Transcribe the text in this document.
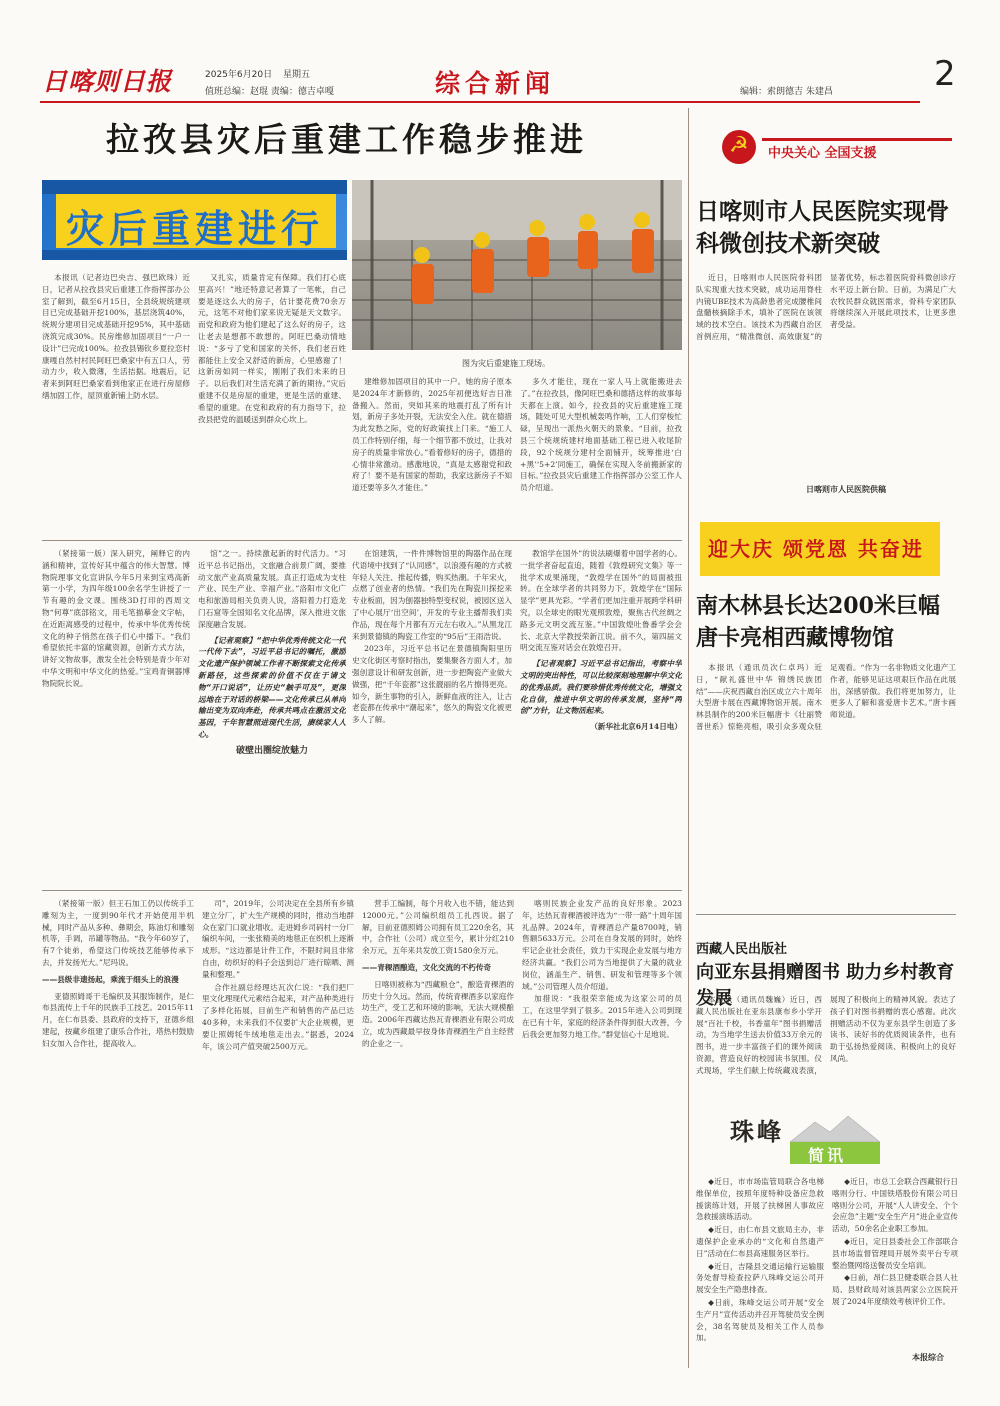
日喀则日报	2025年6月20日 星期五
值班总编：赵琨 责编：德吉卓嘎	综合新闻	2
编辑：索朗德吉 朱建昌
拉孜县灾后重建工作稳步推进
灾后重建进行
图为灾后重建施工现场。

本报讯（记者边巴央吉、强巴欧珠）近日，记者从拉孜县灾后重建工作指挥部办公室了解到，截至6月15日，全县统规统建项目已完成基础开挖100%，基层浇筑40%，统规分建项目完成基础开挖95%，其中基础浇筑完成30%。民房维修加固项目“一户一设计”已完成100%。拉孜县锡钦乡夏拉恋村康嘎自然村村民阿旺巴桑家中有五口人，劳动力少，收入微薄，生活拮据。地震后，记者来到阿旺巴桑家看到他家正在进行房屋修缮加固工作，屋顶重新铺上防水层。

又扎实，质量肯定有保障。我们打心底里高兴！”地还特意记者算了一笔帐，自己要是逐这么大的房子，估计要花费70余万元，这笔不对他们家来说无疑是天文数字。而党和政府为他们建起了这么好的房子，这让老去是想都不敢想的。阿旺巴桑动情地说：“多亏了党和国家的关怀，我们老百姓都能住上安全又舒适的新房，心里感谢了！这新房如同一样实，刚刚了我们未来的日子。以后我们对生活充满了新的期待。”灾后重建不仅是房屋的重建，更是生活的重建、希望的重建。在党和政府的有力指导下，拉孜县把党的温暖送到群众心坎上。

建维修加固项目的其中一户。她的房子原本是2024年才新修的，2025年初便选好吉日准备搬入。然而，突如其来的地震打乱了所有计划，新房子多处开裂，无法安全入住。就在德措为此发愁之际，党的好政策找上门来。“施工人员工作特别仔细，每一个细节都不放过，让我对房子的质量非常放心。”看着修好的房子，德措的心情非常激动。感激地说，“真是太感谢党和政府了！要不是有国家的帮助，我家这新房子不知道还要等多久才能住。”

多久才能住，现在一家人马上就能搬进去了。”在拉孜县，像阿旺巴桑和德措这样的故事每天都在上演。如今，拉孜县的灾后重建施工现场，随处可见大型机械轰鸣作响，工人们穿梭忙碌，呈现出一派热火朝天的景象。“目前，拉孜县三个统规统建村地面基础工程已进入收尾阶段，92个统规分建村全面铺开，统筹推进‘白+黑’‘5+2’同施工，确保在实现入冬前搬新家的目标。”拉孜县灾后重建工作指挥部办公室工作人员介绍道。

（紧接第一版）深入研究，阐释它的内涵和精神，宣传好其中蕴含的伟大智慧。博物院理事文化宣讲队今年5月来到宝鸡高新第一小学，为四年级100余名学生讲授了一节有趣的金文课。围绕3D打印的西周文物“何尊”底部铭文，用毛笔描摹金文字帖，在近距离感受的过程中，传承中华优秀传统文化的种子悄然在孩子们心中播下。“我们希望依托丰富的馆藏资源，创新方式方法，讲好文物故事，激发全社会特别是青少年对中华文明和中华文化的热爱。”宝鸡青铜器博物院院长说。

馆”之一。持续激起新的时代活力。“习近平总书记指出，文旅融合前景广阔，要推动文旅产业高质量发展。真正打造成为支柱产业、民生产业、幸福产业。”洛阳市文化广电和旅游局相关负责人说，洛阳着力打造龙门石窟等全国知名文化品牌，深入推进文旅深度融合发展。

【记者观察】“把中华优秀传统文化一代一代传下去”，习近平总书记的嘱托，激励文化遗产保护领域工作者不断探索文化传承新路径，这些探索的价值不仅在于请文物“开口说话”，让历史“触手可及”，更深远地在于对话的桥梁——文化传承已从单向输出变为双向奔赴，传承共鸣点在激活文化基因，千年智慧照进现代生活，赓续家人人心。

破壁出圈绽放魅力

在馆建筑，一件件博物馆里的陶器作品在现代语境中找到了“认同感”，以浪漫有趣的方式被年轻人关注、推起传播，购买热潮。千年宋火，点燃了创业者的热情。“我们先在陶瓷川探挖来专业板面，因为刨器独特型变权说，被园区送入了中心展厅‘出空间’，开发的专业主播帮我们卖作品，现在每个月都有万元左右收入。”从黑龙江来到景德镇的陶瓷工作室的“95后”王雨浩说。

2023年，习近平总书记在景德镇陶阳里历史文化街区考察时指出，要集聚各方面人才，加强创意设计和研发创新，进一步把陶瓷产业做大做强，把“千年瓷都”这张靓丽的名片擦得更亮。如今，新生事物的引入，新鲜血液的注入，让古老瓷都在传承中“潮起来”，悠久的陶瓷文化被更多人了解。

教馆学在国外”的说法刷爆着中国学者的心。一批学者奋起直追，随着《敦煌研究文集》等一批学术成果涌现，“敦煌学在国外”的局面被扭转。在全球学者的共同努力下，敦煌学在“国际显学”更具光彩。“学者们更加注重开展跨学科研究，以全球史的眼光观照敦煌，聚焦古代丝绸之路多元文明交流互鉴。”中国敦煌吐鲁番学会会长、北京大学教授荣新江说。前不久，第四届文明交流互鉴对话会在敦煌召开。

【记者观察】习近平总书记指出，考察中华文明的突出特性，可以比较深刻地理解中华文化的优秀品质。我们要珍惜优秀传统文化，增强文化自信，推进中华文明的传承发展，坚持“两创”方针，让文物活起来。

（新华社北京6月14日电）

（紧接第一版）但王石加工仍以传统手工雕刻为主，一度到90年代才开始使用半机械，同时产品从多种、彝期会，陈油灯和雕刻机等，手调，吊罐等物品。“我今年60岁了，有7个徒弟，希望这门传统技艺能够传承下去，并发扬光大。”尼玛说。

——县级非遗扬起，乘流于细头上的浪漫

亚德照姆哥干毛编织及其服饰制作，是仁布县流传上千年的民族手工技艺。2015年11月，在仁布县委、县政府的支持下，亚德乡组建起，按藏乡组建了康乐合作社，塔热村鼓励妇女加入合作社，提高收入。

司”，2019年，公司决定在全县所有乡镇建立分厂，扩大生产规模的同时，推动当地群众在家门口就业增收。走进姆乡司码村一分厂编织车间，一张张精美的地毯正在织机上逐渐成形。“这边都是计件工作，不限时间且非常自由，纺织好的料子会送到总厂进行晾晒、测量和整理。”

合作社副总经理达瓦次仁说：“我们把厂里文化理现代元素结合起来，对产品种类进行了多样化拓展，目前生产和销售的产品已达40多种，未来我们不仅要扩大企业规模，更要让照姆牦牛绒地毯走出去。”据悉，2024年，该公司产值突破2500万元。

营手工编制，每个月收入也不错，能达到12000元。”公司编织组员工扎西说。据了解，目前亚德照姆公司拥有员工220余名，其中，合作社（公司）成立至今，累计分红210余万元，五年来共发放工资1580余万元。

——青稞酒酿造，文化交流的不朽传奇

日喀则被称为“西藏粮仓”，酿造青稞酒的历史十分久远。然而，传统青稞酒多以家庭作坊生产，受工艺和环境的影响，无法大规模酿造。2006年西藏达热瓦青稞酒业有限公司成立，成为西藏最早按身体青稞酒生产自主经营的企业之一。

喀则民族企业发产品的良好形象。2023年，达热瓦青稞酒被评选为“一带一路”十周年国礼品牌。2024年，青稞酒总产量8700吨，销售额5633万元。公司在自身发展的同时，始终牢记企业社会责任，致力于实现企业发展与地方经济共赢。“我们公司为当地提供了大量的就业岗位，涵盖生产、销售、研发和管理等多个领域。”公司管理人员介绍道。

加措说：“我很荣幸能成为这家公司的员工，在这里学到了很多。2015年进入公司到现在已有十年，家庭的经济条件得到很大改善，今后我会更加努力地工作。”群觉信心十足地说。

☭ 中央关心 全国支援
日喀则市人民医院实现骨科微创技术新突破

近日，日喀则市人民医院骨科团队实现重大技术突破，成功运用脊柱内镜UBE技术为高龄患者完成腰椎间盘髓核摘除手术，填补了医院在该领域的技术空白。该技术为西藏自治区首例应用，“精准微创、高效康复”的显著优势，标志着医院骨科微创诊疗水平迈上新台阶。日前，为满足广大农牧民群众就医需求，骨科专家团队将继续深入开展此项技术，让更多患者受益。

日喀则市人民医院供稿
迎大庆 颂党恩 共奋进
南木林县长达200米巨幅唐卡亮相西藏博物馆

本报讯（通讯员次仁卓玛）近日，“献礼盛世中华 锦绣民族团结”——庆祝西藏自治区成立六十周年大型唐卡展在西藏博物馆开展。南木林县制作的200米巨幅唐卡《壮丽赞普世系》惊艳亮相，吸引众多观众驻足观看。“作为一名非物质文化遗产工作者，能够见证这项艰巨作品在此展出，深感骄傲。我们将更加努力，让更多人了解和喜爱唐卡艺术。”唐卡画师说道。

西藏人民出版社
向亚东县捐赠图书 助力乡村教育发展

本报讯（通讯员魏巍）近日，西藏人民出版社在亚东县康布乡小学开展“百社千校，书香童年”图书捐赠活动，为当地学生送去价值33万余元的图书，进一步丰富孩子们的课外阅读资源，营造良好的校园读书氛围。仪式现场，学生们献上传统藏戏表演，展现了积极向上的精神风貌。表达了孩子们对图书捐赠的衷心感谢。此次捐赠活动不仅为亚东县学生创造了多读书、读好书的优质阅读条件，也有助于弘扬热爱阅读、积极向上的良好风尚。

珠峰
简讯

◆近日，市市场监管局联合各电梯维保单位，按照年度特种设备应急救援演练计划，开展了扶梯困人事故应急救援演练活动。

◆近日，由仁布县文旅局主办，非遗保护企业承办的“文化和自然遗产日”活动在仁布县高速服务区举行。

◆近日，吉隆县交通运输行运输服务处督导检查拉萨八珠峰交运公司开展安全生产隐患排查。

◆日前，珠峰交运公司开展“安全生产月”宣传活动并召开驾驶员安全例会，38名驾驶员及相关工作人员参加。

◆近日，市总工会联合西藏银行日喀则分行、中国铁塔股份有限公司日喀则分公司，开展“人人讲安全、个个会应急”主题“安全生产月”进企业宣传活动，50余名企业职工参加。

◆近日，定日县委社会工作部联合县市场监督管理局开展外卖平台专项整治暨网络送餐员安全培训。

◆日前，昂仁县卫健委联合县人社局、县财政局对该县两家公立医院开展了2024年度绩效考核评价工作。

本报综合
